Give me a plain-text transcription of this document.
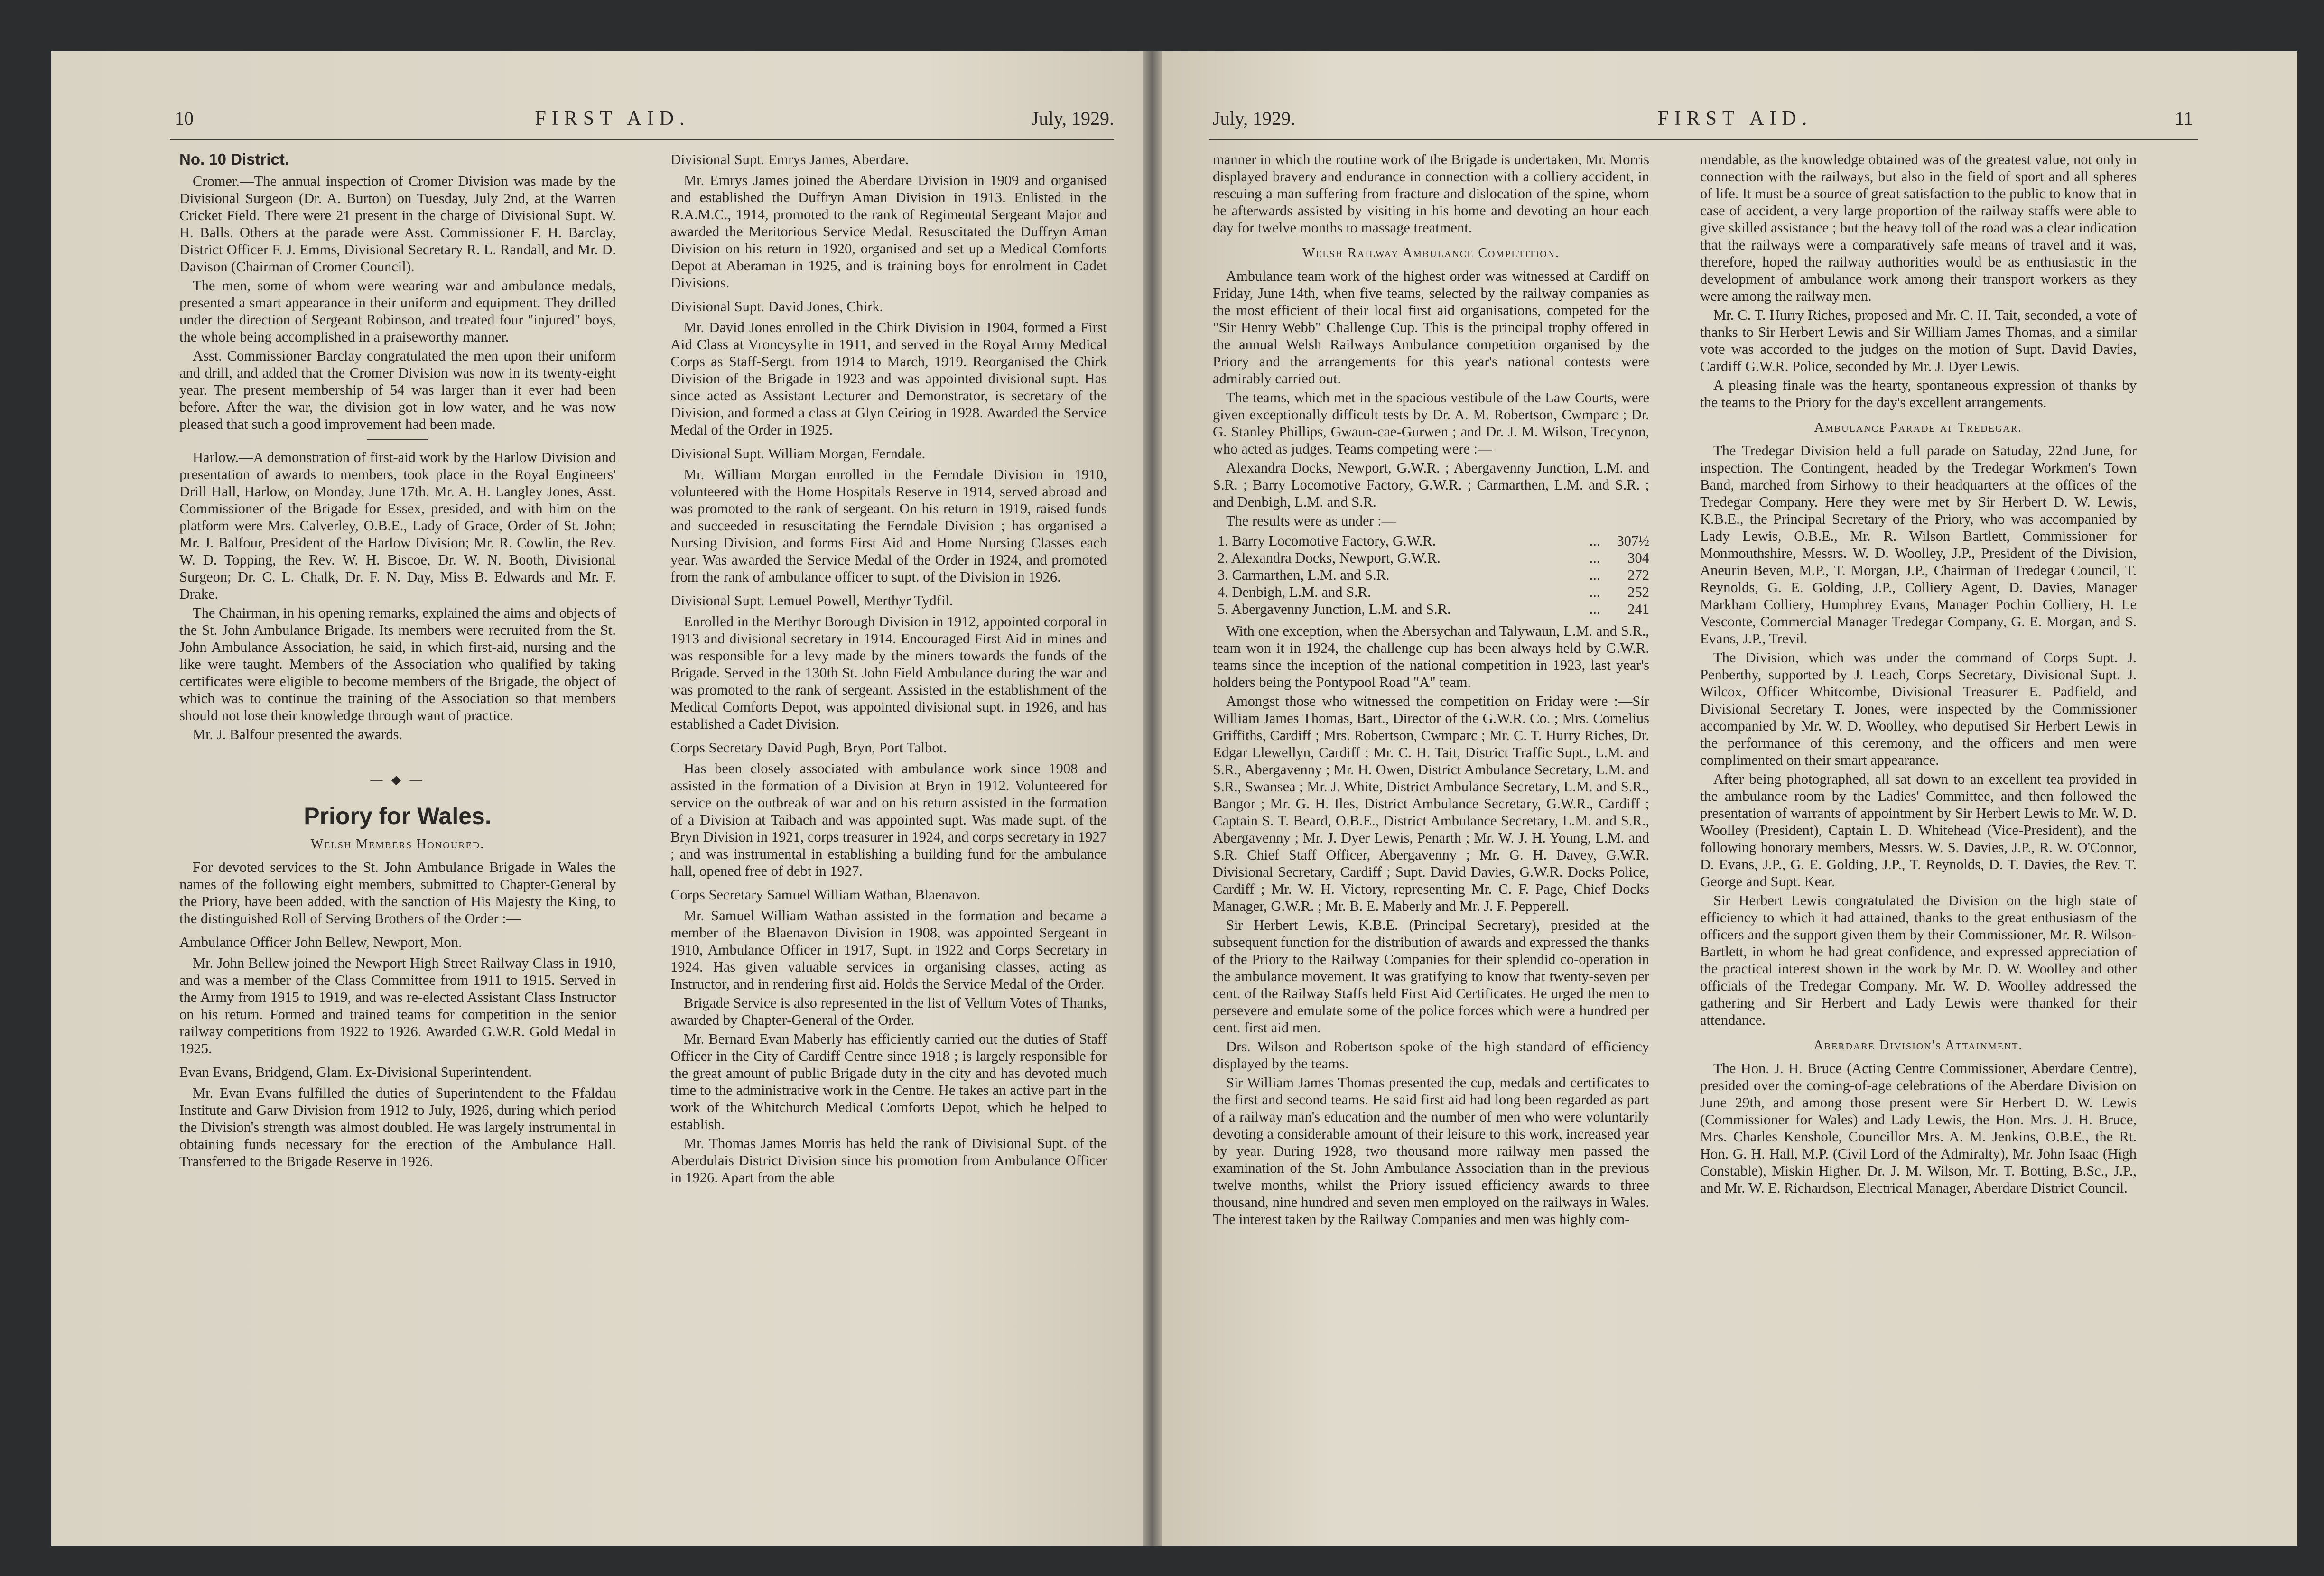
10	FIRST AID.	July, 1929.

No. 10 District.

Cromer.—The annual inspection of Cromer Division was made by the Divisional Surgeon (Dr. A. Burton) on Tuesday, July 2nd, at the Warren Cricket Field. There were 21 present in the charge of Divisional Supt. W. H. Balls. Others at the parade were Asst. Commissioner F. H. Barclay, District Officer F. J. Emms, Divisional Secretary R. L. Randall, and Mr. D. Davison (Chairman of Cromer Council).

The men, some of whom were wearing war and ambulance medals, presented a smart appearance in their uniform and equipment. They drilled under the direction of Sergeant Robinson, and treated four "injured" boys, the whole being accomplished in a praiseworthy manner.

Asst. Commissioner Barclay congratulated the men upon their uniform and drill, and added that the Cromer Division was now in its twenty-eight year. The present membership of 54 was larger than it ever had been before. After the war, the division got in low water, and he was now pleased that such a good improvement had been made.

Harlow.—A demonstration of first-aid work by the Harlow Division and presentation of awards to members, took place in the Royal Engineers' Drill Hall, Harlow, on Monday, June 17th. Mr. A. H. Langley Jones, Asst. Commissioner of the Brigade for Essex, presided, and with him on the platform were Mrs. Calverley, O.B.E., Lady of Grace, Order of St. John; Mr. J. Balfour, President of the Harlow Division; Mr. R. Cowlin, the Rev. W. D. Topping, the Rev. W. H. Biscoe, Dr. W. N. Booth, Divisional Surgeon; Dr. C. L. Chalk, Dr. F. N. Day, Miss B. Edwards and Mr. F. Drake.

The Chairman, in his opening remarks, explained the aims and objects of the St. John Ambulance Brigade. Its members were recruited from the St. John Ambulance Association, he said, in which first-aid, nursing and the like were taught. Members of the Association who qualified by taking certificates were eligible to become members of the Brigade, the object of which was to continue the training of the Association so that members should not lose their knowledge through want of practice.

Mr. J. Balfour presented the awards.

— ◆ —

Priory for Wales.

Welsh Members Honoured.

For devoted services to the St. John Ambulance Brigade in Wales the names of the following eight members, submitted to Chapter-General by the Priory, have been added, with the sanction of His Majesty the King, to the distinguished Roll of Serving Brothers of the Order :—

Ambulance Officer John Bellew, Newport, Mon.

Mr. John Bellew joined the Newport High Street Railway Class in 1910, and was a member of the Class Committee from 1911 to 1915. Served in the Army from 1915 to 1919, and was re-elected Assistant Class Instructor on his return. Formed and trained teams for competition in the senior railway competitions from 1922 to 1926. Awarded G.W.R. Gold Medal in 1925.

Evan Evans, Bridgend, Glam. Ex-Divisional Superintendent.

Mr. Evan Evans fulfilled the duties of Superintendent to the Ffaldau Institute and Garw Division from 1912 to July, 1926, during which period the Division's strength was almost doubled. He was largely instrumental in obtaining funds necessary for the erection of the Ambulance Hall. Transferred to the Brigade Reserve in 1926.

Divisional Supt. Emrys James, Aberdare.

Mr. Emrys James joined the Aberdare Division in 1909 and organised and established the Duffryn Aman Division in 1913. Enlisted in the R.A.M.C., 1914, promoted to the rank of Regimental Sergeant Major and awarded the Meritorious Service Medal. Resuscitated the Duffryn Aman Division on his return in 1920, organised and set up a Medical Comforts Depot at Aberaman in 1925, and is training boys for enrolment in Cadet Divisions.

Divisional Supt. David Jones, Chirk.

Mr. David Jones enrolled in the Chirk Division in 1904, formed a First Aid Class at Vroncysylte in 1911, and served in the Royal Army Medical Corps as Staff-Sergt. from 1914 to March, 1919. Reorganised the Chirk Division of the Brigade in 1923 and was appointed divisional supt. Has since acted as Assistant Lecturer and Demonstrator, is secretary of the Division, and formed a class at Glyn Ceiriog in 1928. Awarded the Service Medal of the Order in 1925.

Divisional Supt. William Morgan, Ferndale.

Mr. William Morgan enrolled in the Ferndale Division in 1910, volunteered with the Home Hospitals Reserve in 1914, served abroad and was promoted to the rank of sergeant. On his return in 1919, raised funds and succeeded in resuscitating the Ferndale Division ; has organised a Nursing Division, and forms First Aid and Home Nursing Classes each year. Was awarded the Service Medal of the Order in 1924, and promoted from the rank of ambulance officer to supt. of the Division in 1926.

Divisional Supt. Lemuel Powell, Merthyr Tydfil.

Enrolled in the Merthyr Borough Division in 1912, appointed corporal in 1913 and divisional secretary in 1914. Encouraged First Aid in mines and was responsible for a levy made by the miners towards the funds of the Brigade. Served in the 130th St. John Field Ambulance during the war and was promoted to the rank of sergeant. Assisted in the establishment of the Medical Comforts Depot, was appointed divisional supt. in 1926, and has established a Cadet Division.

Corps Secretary David Pugh, Bryn, Port Talbot.

Has been closely associated with ambulance work since 1908 and assisted in the formation of a Division at Bryn in 1912. Volunteered for service on the outbreak of war and on his return assisted in the formation of a Division at Taibach and was appointed supt. Was made supt. of the Bryn Division in 1921, corps treasurer in 1924, and corps secretary in 1927 ; and was instrumental in establishing a building fund for the ambulance hall, opened free of debt in 1927.

Corps Secretary Samuel William Wathan, Blaenavon.

Mr. Samuel William Wathan assisted in the formation and became a member of the Blaenavon Division in 1908, was appointed Sergeant in 1910, Ambulance Officer in 1917, Supt. in 1922 and Corps Secretary in 1924. Has given valuable services in organising classes, acting as Instructor, and in rendering first aid. Holds the Service Medal of the Order.

Brigade Service is also represented in the list of Vellum Votes of Thanks, awarded by Chapter-General of the Order.

Mr. Bernard Evan Maberly has efficiently carried out the duties of Staff Officer in the City of Cardiff Centre since 1918 ; is largely responsible for the great amount of public Brigade duty in the city and has devoted much time to the administrative work in the Centre. He takes an active part in the work of the Whitchurch Medical Comforts Depot, which he helped to establish.

Mr. Thomas James Morris has held the rank of Divisional Supt. of the Aberdulais District Division since his promotion from Ambulance Officer in 1926. Apart from the able

July, 1929.	FIRST AID.	11

manner in which the routine work of the Brigade is undertaken, Mr. Morris displayed bravery and endurance in connection with a colliery accident, in rescuing a man suffering from fracture and dislocation of the spine, whom he afterwards assisted by visiting in his home and devoting an hour each day for twelve months to massage treatment.

Welsh Railway Ambulance Competition.

Ambulance team work of the highest order was witnessed at Cardiff on Friday, June 14th, when five teams, selected by the railway companies as the most efficient of their local first aid organisations, competed for the "Sir Henry Webb" Challenge Cup. This is the principal trophy offered in the annual Welsh Railways Ambulance competition organised by the Priory and the arrangements for this year's national contests were admirably carried out.

The teams, which met in the spacious vestibule of the Law Courts, were given exceptionally difficult tests by Dr. A. M. Robertson, Cwmparc ; Dr. G. Stanley Phillips, Gwaun-cae-Gurwen ; and Dr. J. M. Wilson, Trecynon, who acted as judges. Teams competing were :—

Alexandra Docks, Newport, G.W.R. ; Abergavenny Junction, L.M. and S.R. ; Barry Locomotive Factory, G.W.R. ; Carmarthen, L.M. and S.R. ; and Denbigh, L.M. and S.R.

The results were as under :—

1. Barry Locomotive Factory, G.W.R.	...	307½
2. Alexandra Docks, Newport, G.W.R.	...	304
3. Carmarthen, L.M. and S.R.	...	272
4. Denbigh, L.M. and S.R.	...	252
5. Abergavenny Junction, L.M. and S.R.	...	241

With one exception, when the Abersychan and Talywaun, L.M. and S.R., team won it in 1924, the challenge cup has been always held by G.W.R. teams since the inception of the national competition in 1923, last year's holders being the Pontypool Road "A" team.

Amongst those who witnessed the competition on Friday were :—Sir William James Thomas, Bart., Director of the G.W.R. Co. ; Mrs. Cornelius Griffiths, Cardiff ; Mrs. Robertson, Cwmparc ; Mr. C. T. Hurry Riches, Dr. Edgar Llewellyn, Cardiff ; Mr. C. H. Tait, District Traffic Supt., L.M. and S.R., Abergavenny ; Mr. H. Owen, District Ambulance Secretary, L.M. and S.R., Swansea ; Mr. J. White, District Ambulance Secretary, L.M. and S.R., Bangor ; Mr. G. H. Iles, District Ambulance Secretary, G.W.R., Cardiff ; Captain S. T. Beard, O.B.E., District Ambulance Secretary, L.M. and S.R., Abergavenny ; Mr. J. Dyer Lewis, Penarth ; Mr. W. J. H. Young, L.M. and S.R. Chief Staff Officer, Abergavenny ; Mr. G. H. Davey, G.W.R. Divisional Secretary, Cardiff ; Supt. David Davies, G.W.R. Docks Police, Cardiff ; Mr. W. H. Victory, representing Mr. C. F. Page, Chief Docks Manager, G.W.R. ; Mr. B. E. Maberly and Mr. J. F. Pepperell.

Sir Herbert Lewis, K.B.E. (Principal Secretary), presided at the subsequent function for the distribution of awards and expressed the thanks of the Priory to the Railway Companies for their splendid co-operation in the ambulance movement. It was gratifying to know that twenty-seven per cent. of the Railway Staffs held First Aid Certificates. He urged the men to persevere and emulate some of the police forces which were a hundred per cent. first aid men.

Drs. Wilson and Robertson spoke of the high standard of efficiency displayed by the teams.

Sir William James Thomas presented the cup, medals and certificates to the first and second teams. He said first aid had long been regarded as part of a railway man's education and the number of men who were voluntarily devoting a considerable amount of their leisure to this work, increased year by year. During 1928, two thousand more railway men passed the examination of the St. John Ambulance Association than in the previous twelve months, whilst the Priory issued efficiency awards to three thousand, nine hundred and seven men employed on the railways in Wales. The interest taken by the Railway Companies and men was highly com-

mendable, as the knowledge obtained was of the greatest value, not only in connection with the railways, but also in the field of sport and all spheres of life. It must be a source of great satisfaction to the public to know that in case of accident, a very large proportion of the railway staffs were able to give skilled assistance ; but the heavy toll of the road was a clear indication that the railways were a comparatively safe means of travel and it was, therefore, hoped the railway authorities would be as enthusiastic in the development of ambulance work among their transport workers as they were among the railway men.

Mr. C. T. Hurry Riches, proposed and Mr. C. H. Tait, seconded, a vote of thanks to Sir Herbert Lewis and Sir William James Thomas, and a similar vote was accorded to the judges on the motion of Supt. David Davies, Cardiff G.W.R. Police, seconded by Mr. J. Dyer Lewis.

A pleasing finale was the hearty, spontaneous expression of thanks by the teams to the Priory for the day's excellent arrangements.

Ambulance Parade at Tredegar.

The Tredegar Division held a full parade on Satuday, 22nd June, for inspection. The Contingent, headed by the Tredegar Workmen's Town Band, marched from Sirhowy to their headquarters at the offices of the Tredegar Company. Here they were met by Sir Herbert D. W. Lewis, K.B.E., the Principal Secretary of the Priory, who was accompanied by Lady Lewis, O.B.E., Mr. R. Wilson Bartlett, Commissioner for Monmouthshire, Messrs. W. D. Woolley, J.P., President of the Division, Aneurin Beven, M.P., T. Morgan, J.P., Chairman of Tredegar Council, T. Reynolds, G. E. Golding, J.P., Colliery Agent, D. Davies, Manager Markham Colliery, Humphrey Evans, Manager Pochin Colliery, H. Le Vesconte, Commercial Manager Tredegar Company, G. E. Morgan, and S. Evans, J.P., Trevil.

The Division, which was under the command of Corps Supt. J. Penberthy, supported by J. Leach, Corps Secretary, Divisional Supt. J. Wilcox, Officer Whitcombe, Divisional Treasurer E. Padfield, and Divisional Secretary T. Jones, were inspected by the Commissioner accompanied by Mr. W. D. Woolley, who deputised Sir Herbert Lewis in the performance of this ceremony, and the officers and men were complimented on their smart appearance.

After being photographed, all sat down to an excellent tea provided in the ambulance room by the Ladies' Committee, and then followed the presentation of warrants of appointment by Sir Herbert Lewis to Mr. W. D. Woolley (President), Captain L. D. Whitehead (Vice-President), and the following honorary members, Messrs. W. S. Davies, J.P., R. W. O'Connor, D. Evans, J.P., G. E. Golding, J.P., T. Reynolds, D. T. Davies, the Rev. T. George and Supt. Kear.

Sir Herbert Lewis congratulated the Division on the high state of efficiency to which it had attained, thanks to the great enthusiasm of the officers and the support given them by their Commissioner, Mr. R. Wilson-Bartlett, in whom he had great confidence, and expressed appreciation of the practical interest shown in the work by Mr. D. W. Woolley and other officials of the Tredegar Company. Mr. W. D. Woolley addressed the gathering and Sir Herbert and Lady Lewis were thanked for their attendance.

Aberdare Division's Attainment.

The Hon. J. H. Bruce (Acting Centre Commissioner, Aberdare Centre), presided over the coming-of-age celebrations of the Aberdare Division on June 29th, and among those present were Sir Herbert D. W. Lewis (Commissioner for Wales) and Lady Lewis, the Hon. Mrs. J. H. Bruce, Mrs. Charles Kenshole, Councillor Mrs. A. M. Jenkins, O.B.E., the Rt. Hon. G. H. Hall, M.P. (Civil Lord of the Admiralty), Mr. John Isaac (High Constable), Miskin Higher. Dr. J. M. Wilson, Mr. T. Botting, B.Sc., J.P., and Mr. W. E. Richardson, Electrical Manager, Aberdare District Council.
